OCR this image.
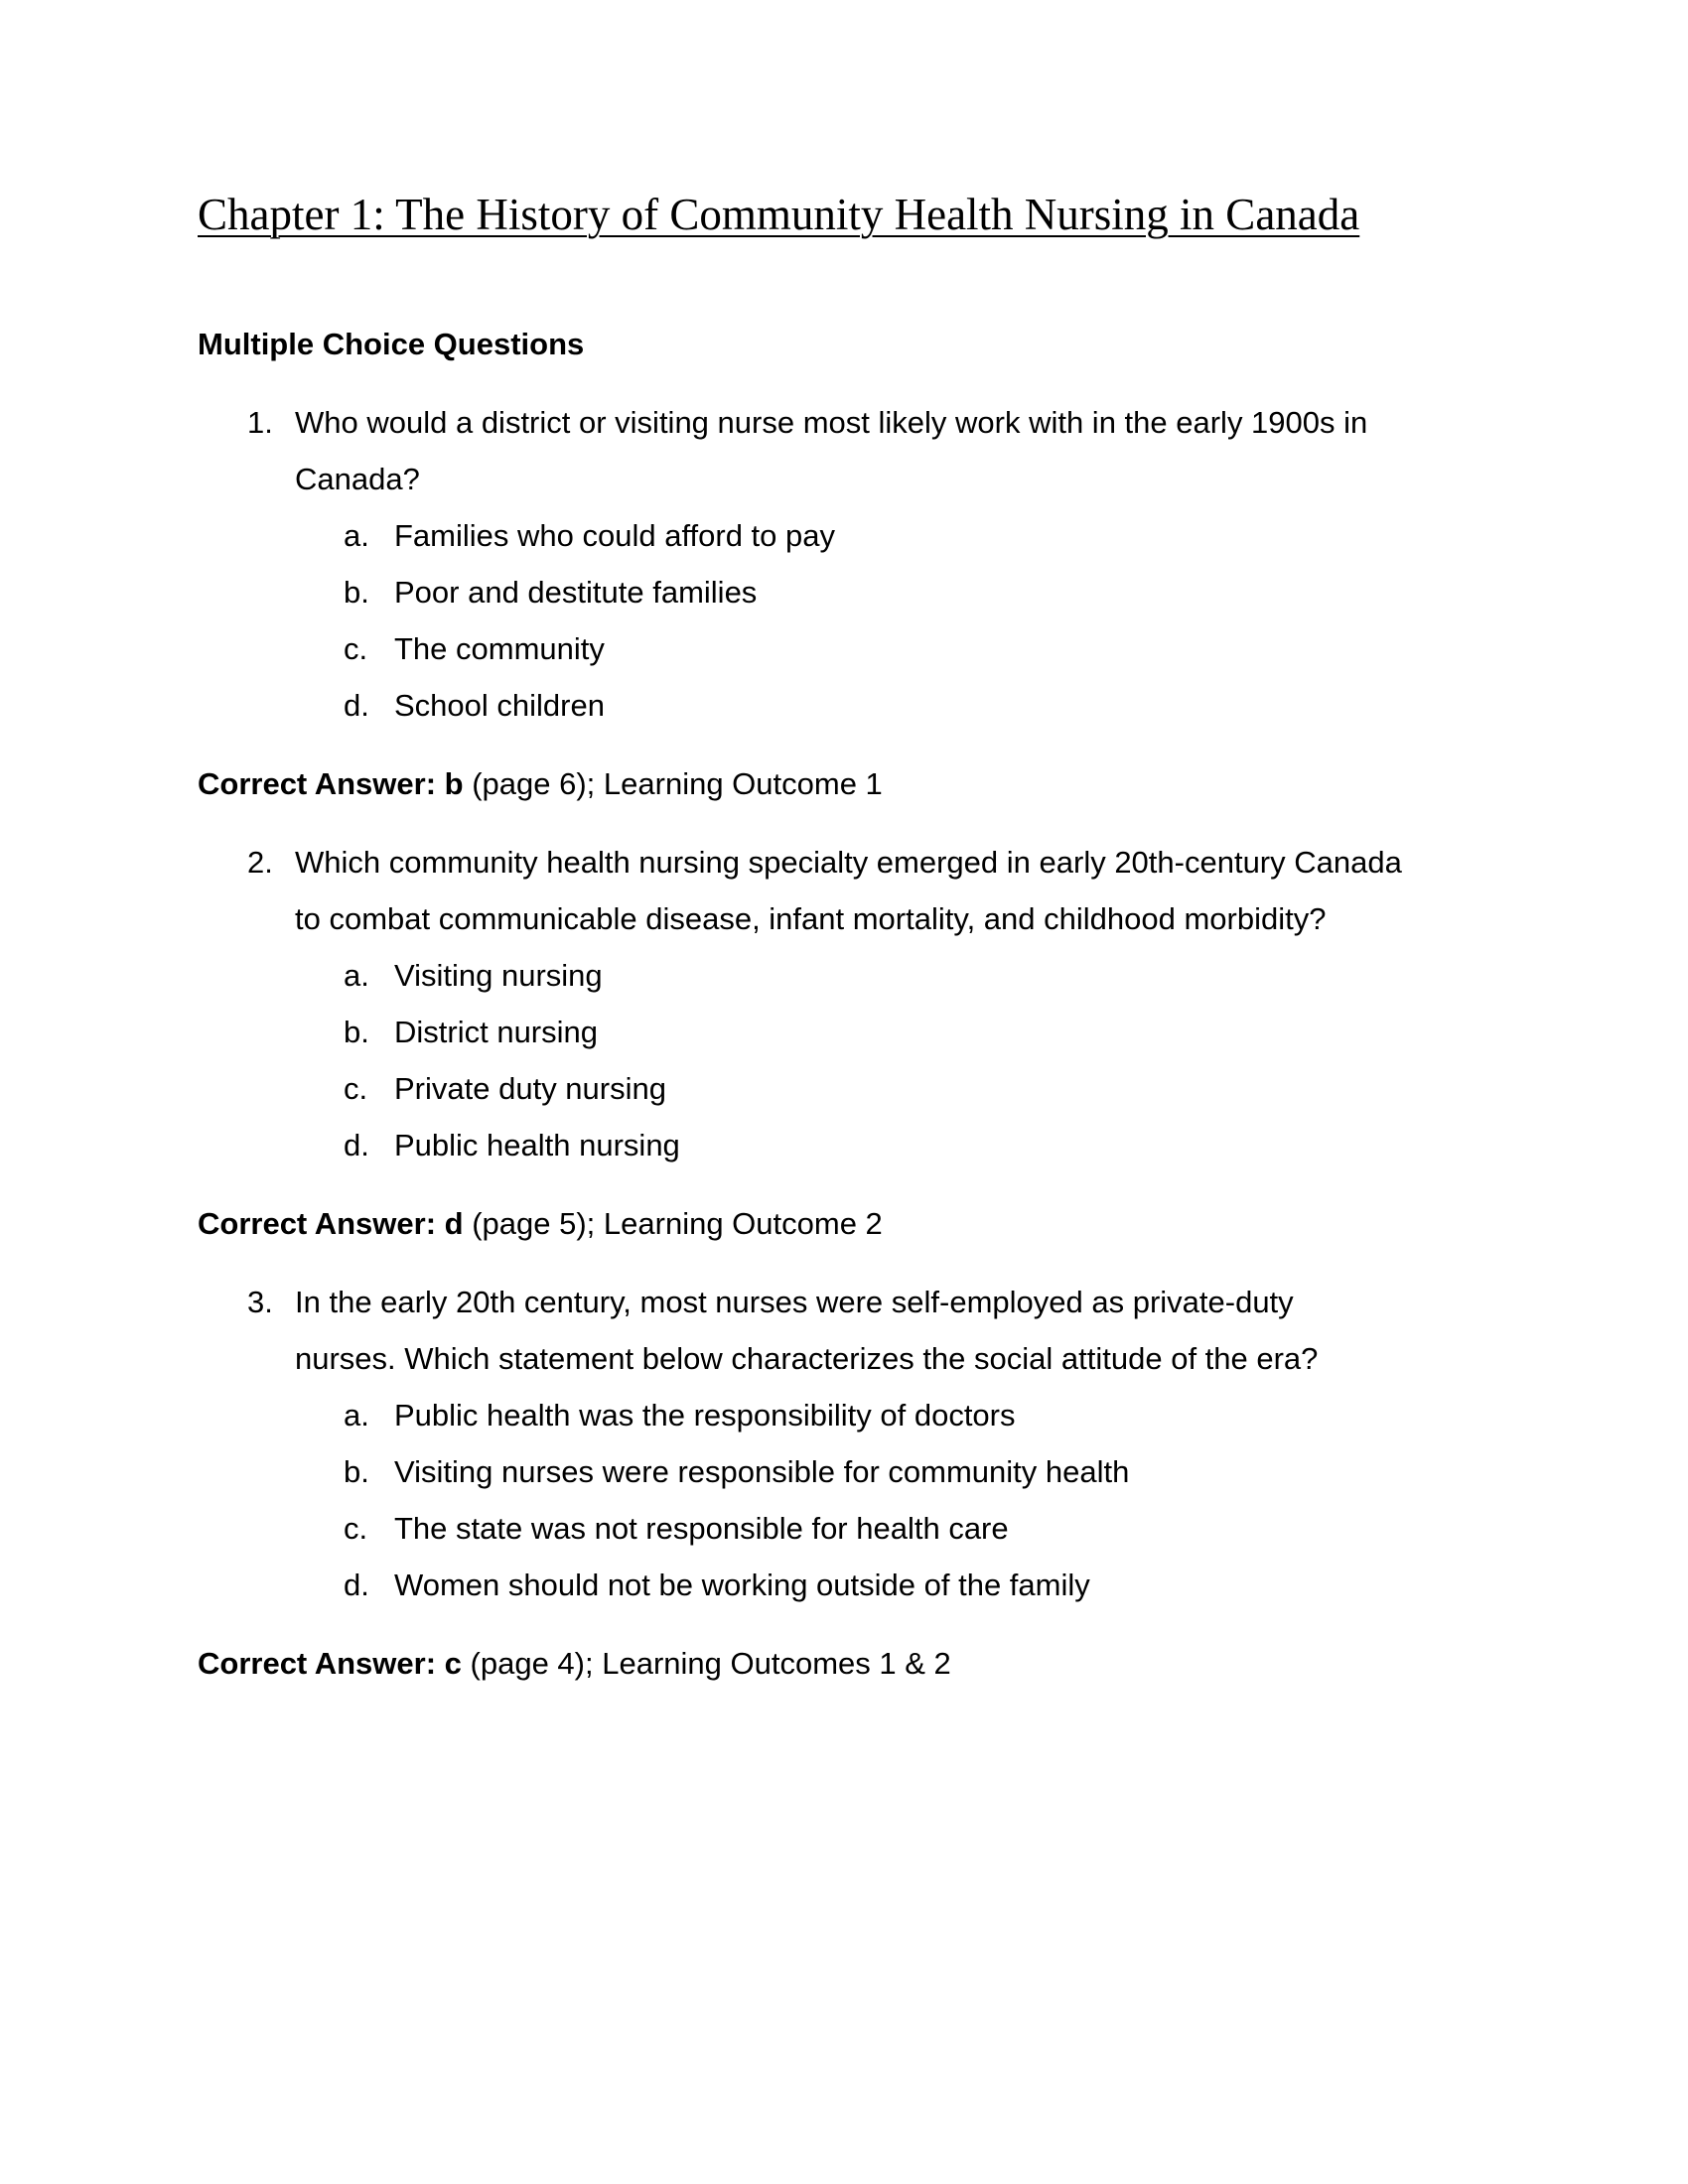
Chapter 1: The History of Community Health Nursing in Canada
Multiple Choice Questions
1. Who would a district or visiting nurse most likely work with in the early 1900s in
Canada?
a. Families who could afford to pay
b. Poor and destitute families
c. The community
d. School children
Correct Answer: b (page 6); Learning Outcome 1
2. Which community health nursing specialty emerged in early 20th-century Canada
to combat communicable disease, infant mortality, and childhood morbidity?
a. Visiting nursing
b. District nursing
c. Private duty nursing
d. Public health nursing
Correct Answer: d (page 5); Learning Outcome 2
3. In the early 20th century, most nurses were self-employed as private-duty
nurses. Which statement below characterizes the social attitude of the era?
a. Public health was the responsibility of doctors
b. Visiting nurses were responsible for community health
c. The state was not responsible for health care
d. Women should not be working outside of the family
Correct Answer: c (page 4); Learning Outcomes 1 & 2
